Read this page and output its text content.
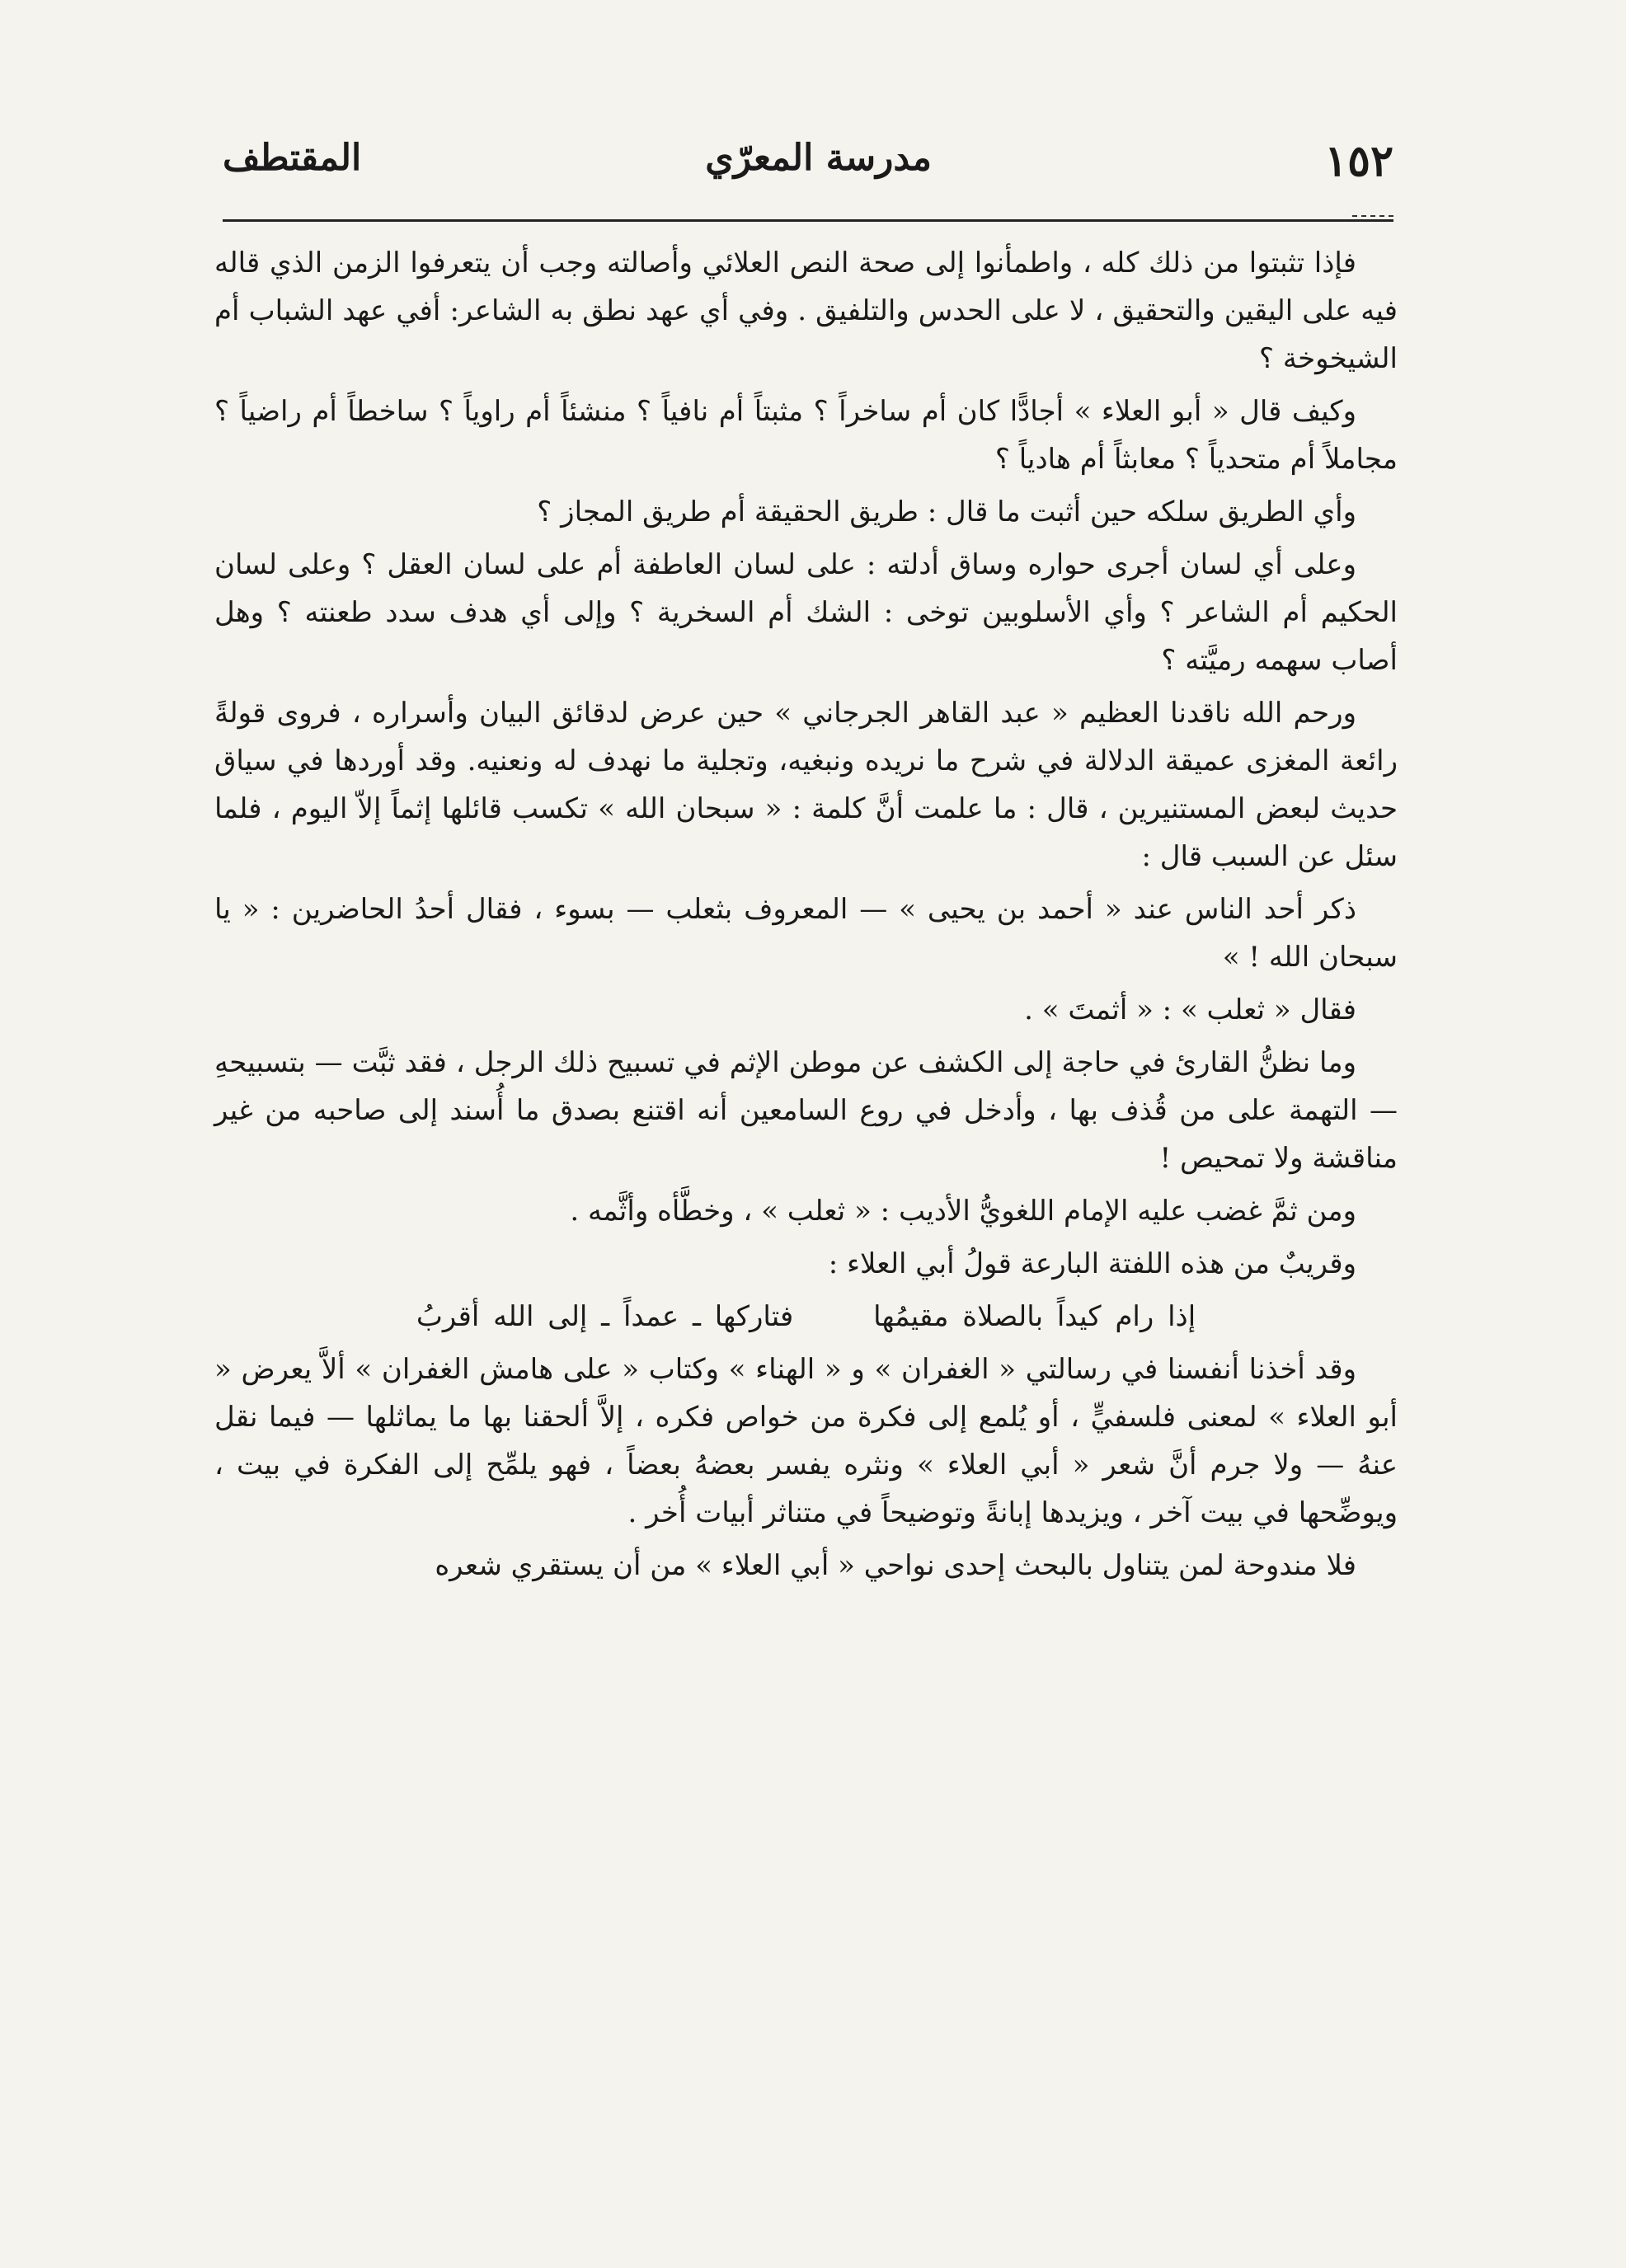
١٥٢
مدرسة المعرّي
المقتطف

فإذا تثبتوا من ذلك كله ، واطمأنوا إلى صحة النص العلائي وأصالته وجب أن يتعرفوا الزمن الذي قاله فيه على اليقين والتحقيق ، لا على الحدس والتلفيق . وفي أي عهد نطق به الشاعر: أفي عهد الشباب أم الشيخوخة ؟

وكيف قال « أبو العلاء » أجادًّا كان أم ساخراً ؟ مثبتاً أم نافياً ؟ منشئاً أم راوياً ؟ ساخطاً أم راضياً ؟ مجاملاً أم متحدياً ؟ معابثاً أم هادياً ؟

وأي الطريق سلكه حين أثبت ما قال : طريق الحقيقة أم طريق المجاز ؟

وعلى أي لسان أجرى حواره وساق أدلته : على لسان العاطفة أم على لسان العقل ؟ وعلى لسان الحكيم أم الشاعر ؟ وأي الأسلوبين توخى : الشك أم السخرية ؟ وإلى أي هدف سدد طعنته ؟ وهل أصاب سهمه رميَّته ؟

ورحم الله ناقدنا العظيم « عبد القاهر الجرجاني » حين عرض لدقائق البيان وأسراره ، فروى قولةً رائعة المغزى عميقة الدلالة في شرح ما نريده ونبغيه، وتجلية ما نهدف له ونعنيه. وقد أوردها في سياق حديث لبعض المستنيرين ، قال : ما علمت أنَّ كلمة : « سبحان الله » تكسب قائلها إثماً إلاّ اليوم ، فلما سئل عن السبب قال :

ذكر أحد الناس عند « أحمد بن يحيى » — المعروف بثعلب — بسوء ، فقال أحدُ الحاضرين : « يا سبحان الله ! »

فقال « ثعلب » : « أثمتَ » .

وما نظنُّ القارئ في حاجة إلى الكشف عن موطن الإثم في تسبيح ذلك الرجل ، فقد ثبَّت — بتسبيحهِ — التهمة على من قُذف بها ، وأدخل في روع السامعين أنه اقتنع بصدق ما أُسند إلى صاحبه من غير مناقشة ولا تمحيص !

ومن ثمَّ غضب عليه الإمام اللغويُّ الأديب : « ثعلب » ، وخطَّأه وأثَّمه .

وقريبٌ من هذه اللفتة البارعة قولُ أبي العلاء :

إذا رام كيداً بالصلاة مقيمُها فتاركها ـ عمداً ـ إلى الله أقربُ

وقد أخذنا أنفسنا في رسالتي « الغفران » و « الهناء » وكتاب « على هامش الغفران » ألاَّ يعرض « أبو العلاء » لمعنى فلسفيٍّ ، أو يُلمع إلى فكرة من خواص فكره ، إلاَّ ألحقنا بها ما يماثلها — فيما نقل عنهُ — ولا جرم أنَّ شعر « أبي العلاء » ونثره يفسر بعضهُ بعضاً ، فهو يلمِّح إلى الفكرة في بيت ، ويوضِّحها في بيت آخر ، ويزيدها إبانةً وتوضيحاً في متناثر أبيات أُخر .

فلا مندوحة لمن يتناول بالبحث إحدى نواحي « أبي العلاء » من أن يستقري شعره
